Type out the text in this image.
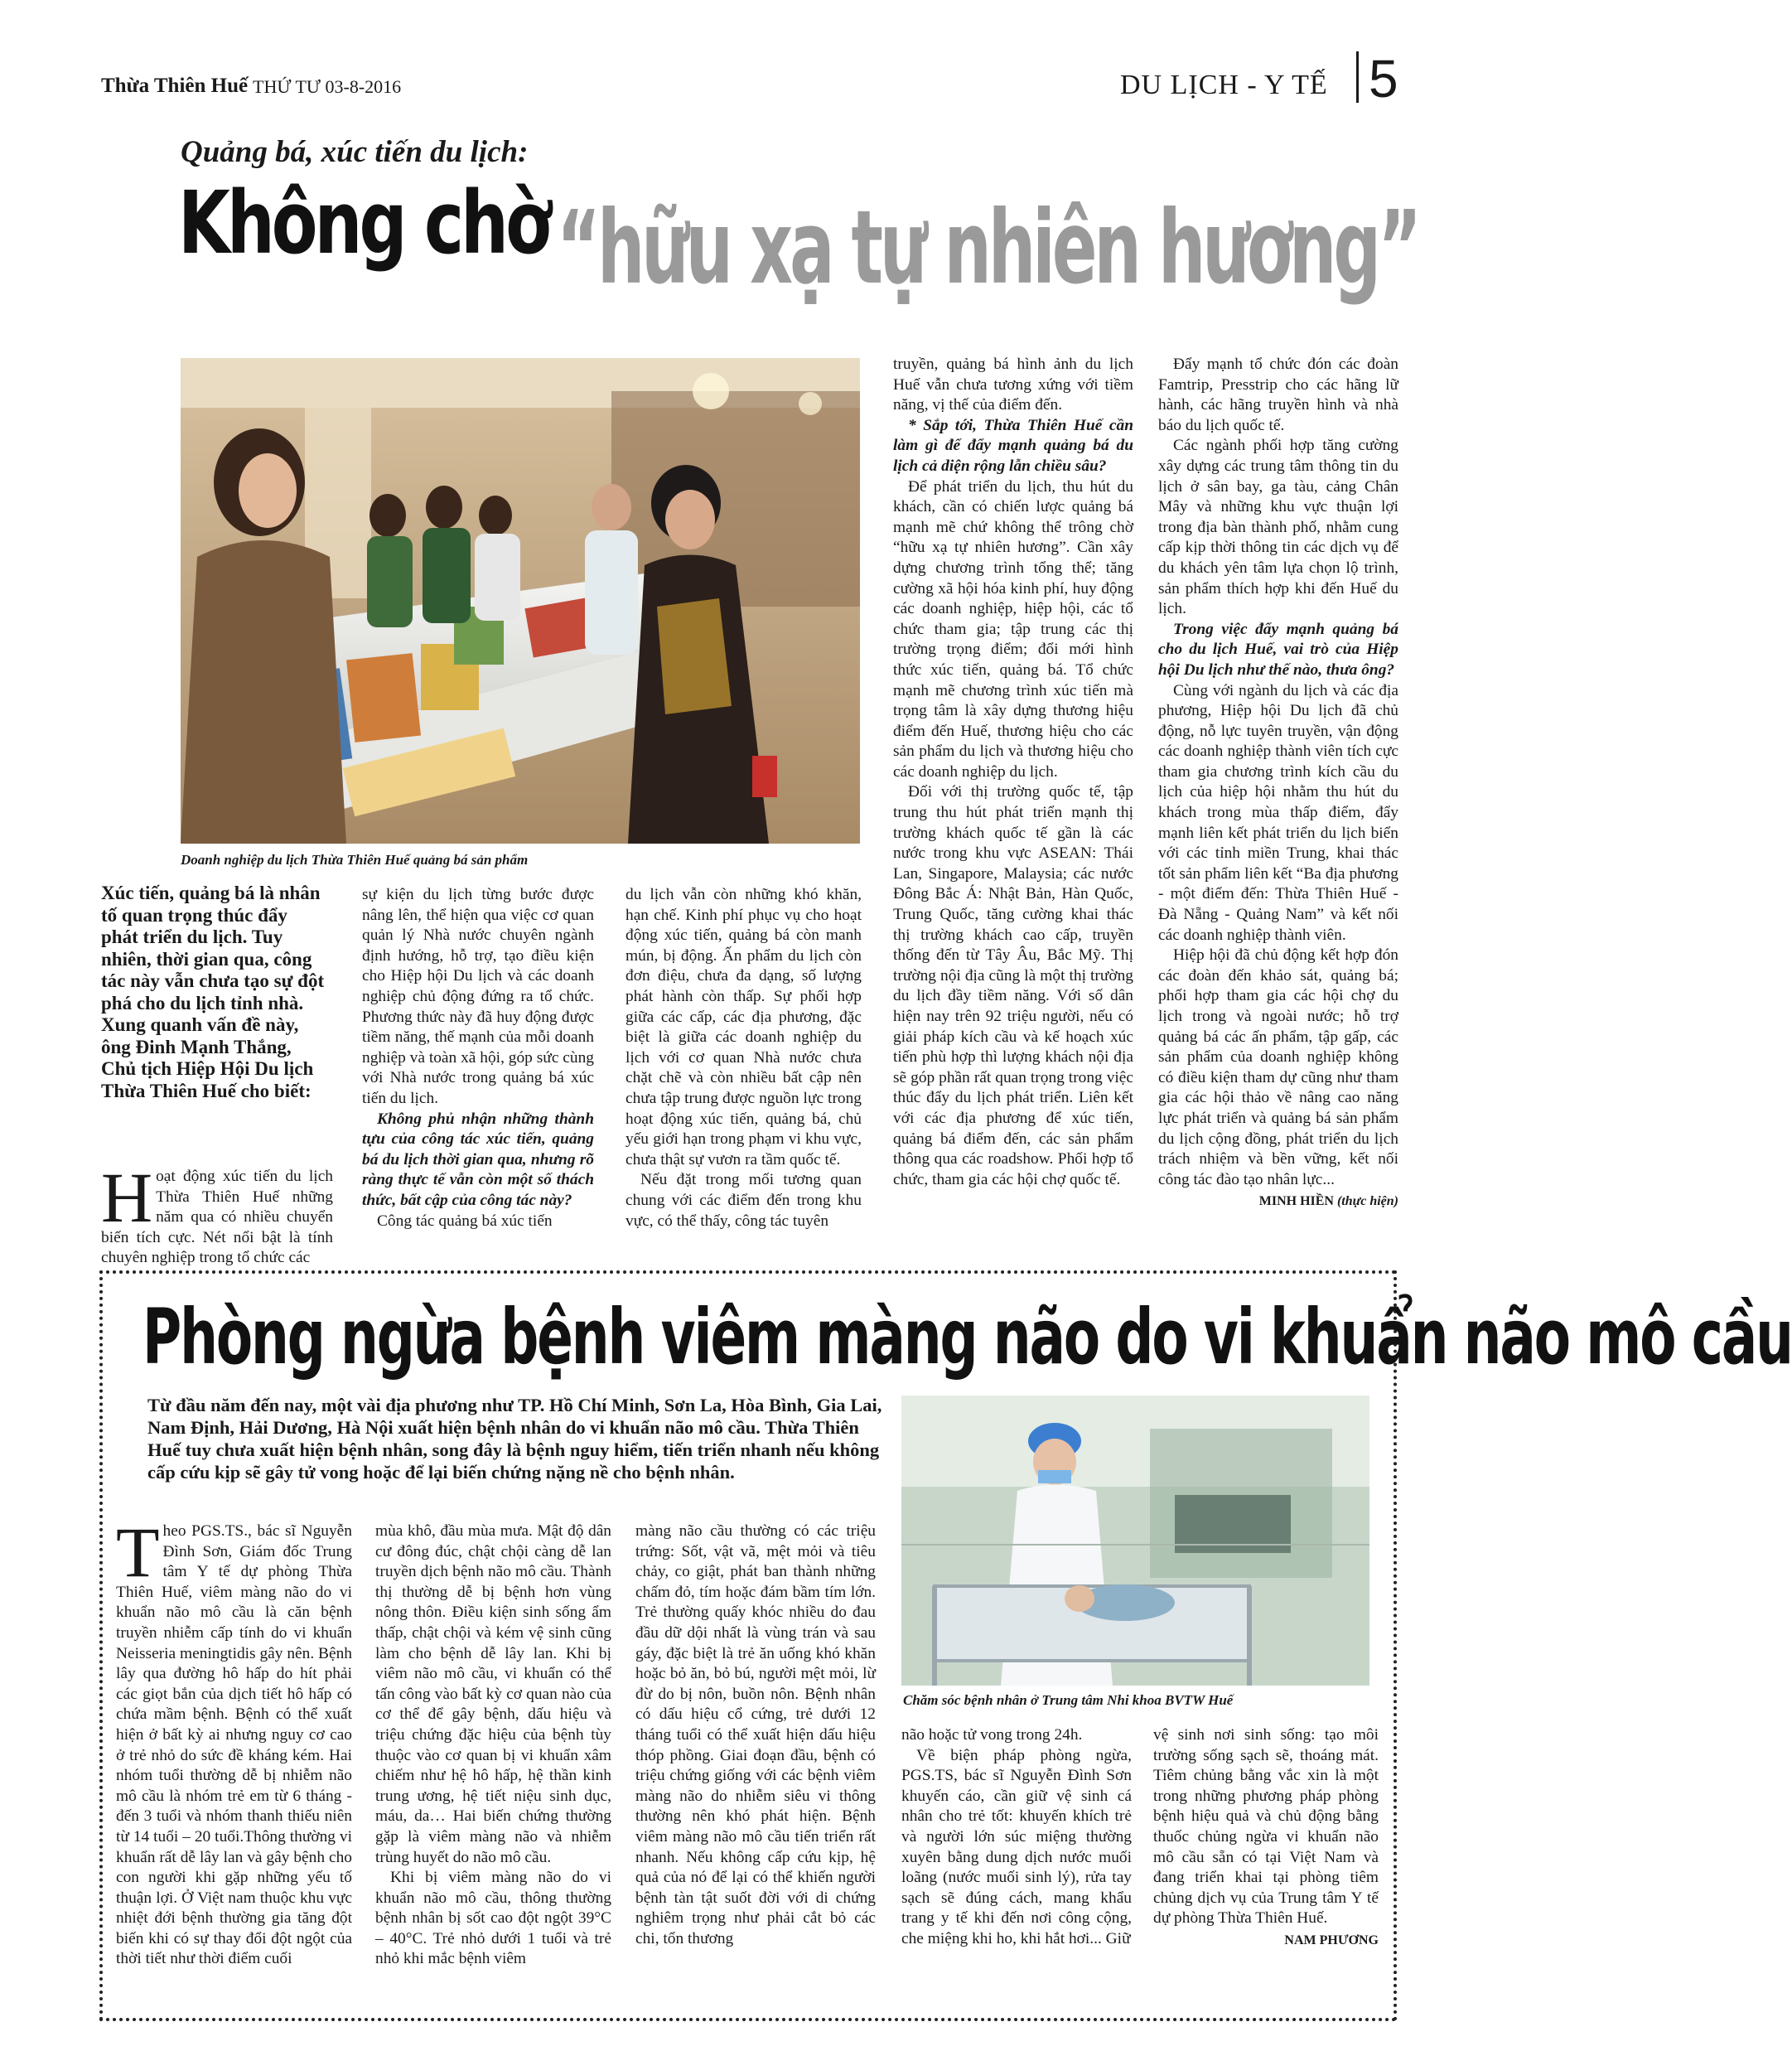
Thừa Thiên Huế THỨ TƯ 03-8-2016	DU LỊCH - Y TẾ 5
Quảng bá, xúc tiến du lịch:
Không chờ “hữu xạ tự nhiên hương”
Doanh nghiệp du lịch Thừa Thiên Huế quảng bá sản phẩm
Xúc tiến, quảng bá là nhân tố quan trọng thúc đẩy phát triển du lịch. Tuy nhiên, thời gian qua, công tác này vẫn chưa tạo sự đột phá cho du lịch tỉnh nhà. Xung quanh vấn đề này, ông Đinh Mạnh Thắng, Chủ tịch Hiệp Hội Du lịch Thừa Thiên Huế cho biết:

Hoạt động xúc tiến du lịch Thừa Thiên Huế những năm qua có nhiều chuyển biến tích cực. Nét nổi bật là tính chuyên nghiệp trong tổ chức các

sự kiện du lịch từng bước được nâng lên, thể hiện qua việc cơ quan quản lý Nhà nước chuyên ngành định hướng, hỗ trợ, tạo điều kiện cho Hiệp hội Du lịch và các doanh nghiệp chủ động đứng ra tổ chức. Phương thức này đã huy động được tiềm năng, thế mạnh của mỗi doanh nghiệp và toàn xã hội, góp sức cùng với Nhà nước trong quảng bá xúc tiến du lịch.

Không phủ nhận những thành tựu của công tác xúc tiến, quảng bá du lịch thời gian qua, nhưng rõ ràng thực tế vẫn còn một số thách thức, bất cập của công tác này?

Công tác quảng bá xúc tiến

du lịch vẫn còn những khó khăn, hạn chế. Kinh phí phục vụ cho hoạt động xúc tiến, quảng bá còn manh mún, bị động. Ấn phẩm du lịch còn đơn điệu, chưa đa dạng, số lượng phát hành còn thấp. Sự phối hợp giữa các cấp, các địa phương, đặc biệt là giữa các doanh nghiệp du lịch với cơ quan Nhà nước chưa chặt chẽ và còn nhiều bất cập nên chưa tập trung được nguồn lực trong hoạt động xúc tiến, quảng bá, chủ yếu giới hạn trong phạm vi khu vực, chưa thật sự vươn ra tầm quốc tế.

Nếu đặt trong mối tương quan chung với các điểm đến trong khu vực, có thể thấy, công tác tuyên

truyền, quảng bá hình ảnh du lịch Huế vẫn chưa tương xứng với tiềm năng, vị thế của điểm đến.

* Sắp tới, Thừa Thiên Huế cần làm gì để đẩy mạnh quảng bá du lịch cả diện rộng lẫn chiều sâu?

Để phát triển du lịch, thu hút du khách, cần có chiến lược quảng bá mạnh mẽ chứ không thể trông chờ “hữu xạ tự nhiên hương”. Cần xây dựng chương trình tổng thể; tăng cường xã hội hóa kinh phí, huy động các doanh nghiệp, hiệp hội, các tổ chức tham gia; tập trung các thị trường trọng điểm; đổi mới hình thức xúc tiến, quảng bá. Tổ chức mạnh mẽ chương trình xúc tiến mà trọng tâm là xây dựng thương hiệu điểm đến Huế, thương hiệu cho các sản phẩm du lịch và thương hiệu cho các doanh nghiệp du lịch.

Đối với thị trường quốc tế, tập trung thu hút phát triển mạnh thị trường khách quốc tế gần là các nước trong khu vực ASEAN: Thái Lan, Singapore, Malaysia; các nước Đông Bắc Á: Nhật Bản, Hàn Quốc, Trung Quốc, tăng cường khai thác thị trường khách cao cấp, truyền thống đến từ Tây Âu, Bắc Mỹ. Thị trường nội địa cũng là một thị trường du lịch đầy tiềm năng. Với số dân hiện nay trên 92 triệu người, nếu có giải pháp kích cầu và kế hoạch xúc tiến phù hợp thì lượng khách nội địa sẽ góp phần rất quan trọng trong việc thúc đẩy du lịch phát triển. Liên kết với các địa phương để xúc tiến, quảng bá điểm đến, các sản phẩm thông qua các roadshow. Phối hợp tổ chức, tham gia các hội chợ quốc tế.

Đẩy mạnh tổ chức đón các đoàn Famtrip, Presstrip cho các hãng lữ hành, các hãng truyền hình và nhà báo du lịch quốc tế.

Các ngành phối hợp tăng cường xây dựng các trung tâm thông tin du lịch ở sân bay, ga tàu, cảng Chân Mây và những khu vực thuận lợi trong địa bàn thành phố, nhằm cung cấp kịp thời thông tin các dịch vụ để du khách yên tâm lựa chọn lộ trình, sản phẩm thích hợp khi đến Huế du lịch.

Trong việc đẩy mạnh quảng bá cho du lịch Huế, vai trò của Hiệp hội Du lịch như thế nào, thưa ông?

Cùng với ngành du lịch và các địa phương, Hiệp hội Du lịch đã chủ động, nỗ lực tuyên truyền, vận động các doanh nghiệp thành viên tích cực tham gia chương trình kích cầu du lịch của hiệp hội nhằm thu hút du khách trong mùa thấp điểm, đẩy mạnh liên kết phát triển du lịch biển với các tỉnh miền Trung, khai thác tốt sản phẩm liên kết “Ba địa phương - một điểm đến: Thừa Thiên Huế - Đà Nẵng - Quảng Nam” và kết nối các doanh nghiệp thành viên.

Hiệp hội đã chủ động kết hợp đón các đoàn đến khảo sát, quảng bá; phối hợp tham gia các hội chợ du lịch trong và ngoài nước; hỗ trợ quảng bá các ấn phẩm, tập gấp, các sản phẩm của doanh nghiệp không có điều kiện tham dự cũng như tham gia các hội thảo về nâng cao năng lực phát triển và quảng bá sản phẩm du lịch cộng đồng, phát triển du lịch trách nhiệm và bền vững, kết nối công tác đào tạo nhân lực...

MINH HIỀN (thực hiện)
Phòng ngừa bệnh viêm màng não do vi khuẩn não mô cầu
Từ đầu năm đến nay, một vài địa phương như TP. Hồ Chí Minh, Sơn La, Hòa Bình, Gia Lai, Nam Định, Hải Dương, Hà Nội xuất hiện bệnh nhân do vi khuẩn não mô cầu. Thừa Thiên Huế tuy chưa xuất hiện bệnh nhân, song đây là bệnh nguy hiểm, tiến triển nhanh nếu không cấp cứu kịp sẽ gây tử vong hoặc để lại biến chứng nặng nề cho bệnh nhân.
Chăm sóc bệnh nhân ở Trung tâm Nhi khoa BVTW Huế

Theo PGS.TS., bác sĩ Nguyễn Đình Sơn, Giám đốc Trung tâm Y tế dự phòng Thừa Thiên Huế, viêm màng não do vi khuẩn não mô cầu là căn bệnh truyền nhiễm cấp tính do vi khuẩn Neisseria meningtidis gây nên. Bệnh lây qua đường hô hấp do hít phải các giọt bắn của dịch tiết hô hấp có chứa mầm bệnh. Bệnh có thể xuất hiện ở bất kỳ ai nhưng nguy cơ cao ở trẻ nhỏ do sức đề kháng kém. Hai nhóm tuổi thường dễ bị nhiễm não mô cầu là nhóm trẻ em từ 6 tháng - đến 3 tuổi và nhóm thanh thiếu niên từ 14 tuổi – 20 tuổi.Thông thường vi khuẩn rất dễ lây lan và gây bệnh cho con người khi gặp những yếu tố thuận lợi. Ở Việt nam thuộc khu vực nhiệt đới bệnh thường gia tăng đột biến khi có sự thay đổi đột ngột của thời tiết như thời điểm cuối

mùa khô, đầu mùa mưa. Mật độ dân cư đông đúc, chật chội càng dễ lan truyền dịch bệnh não mô cầu. Thành thị thường dễ bị bệnh hơn vùng nông thôn. Điều kiện sinh sống ẩm thấp, chật chội và kém vệ sinh cũng làm cho bệnh dễ lây lan. Khi bị viêm não mô cầu, vi khuẩn có thể tấn công vào bất kỳ cơ quan nào của cơ thể để gây bệnh, dấu hiệu và triệu chứng đặc hiệu của bệnh tùy thuộc vào cơ quan bị vi khuẩn xâm chiếm như hệ hô hấp, hệ thần kinh trung ương, hệ tiết niệu sinh dục, máu, da… Hai biến chứng thường gặp là viêm màng não và nhiễm trùng huyết do não mô cầu.

Khi bị viêm màng não do vi khuẩn não mô cầu, thông thường bệnh nhân bị sốt cao đột ngột 39°C – 40°C. Trẻ nhỏ dưới 1 tuổi và trẻ nhỏ khi mắc bệnh viêm

màng não cầu thường có các triệu trứng: Sốt, vật vã, mệt mỏi và tiêu chảy, co giật, phát ban thành những chấm đỏ, tím hoặc đám bầm tím lớn. Trẻ thường quấy khóc nhiều do đau đầu dữ dội nhất là vùng trán và sau gáy, đặc biệt là trẻ ăn uống khó khăn hoặc bỏ ăn, bỏ bú, người mệt mỏi, lừ đừ do bị nôn, buồn nôn. Bệnh nhân có dấu hiệu cổ cứng, trẻ dưới 12 tháng tuổi có thể xuất hiện dấu hiệu thóp phồng. Giai đoạn đầu, bệnh có triệu chứng giống với các bệnh viêm màng não do nhiễm siêu vi thông thường nên khó phát hiện. Bệnh viêm màng não mô cầu tiến triển rất nhanh. Nếu không cấp cứu kịp, hệ quả của nó để lại có thể khiến người bệnh tàn tật suốt đời với di chứng nghiêm trọng như phải cắt bỏ các chi, tổn thương

não hoặc tử vong trong 24h.

Về biện pháp phòng ngừa, PGS.TS, bác sĩ Nguyễn Đình Sơn khuyến cáo, cần giữ vệ sinh cá nhân cho trẻ tốt: khuyến khích trẻ và người lớn súc miệng thường xuyên bằng dung dịch nước muối loãng (nước muối sinh lý), rửa tay sạch sẽ đúng cách, mang khẩu trang y tế khi đến nơi công cộng, che miệng khi ho, khi hắt hơi... Giữ

vệ sinh nơi sinh sống: tạo môi trường sống sạch sẽ, thoáng mát. Tiêm chủng bằng vắc xin là một trong những phương pháp phòng bệnh hiệu quả và chủ động bằng thuốc chủng ngừa vi khuẩn não mô cầu sẵn có tại Việt Nam và đang triển khai tại phòng tiêm chủng dịch vụ của Trung tâm Y tế dự phòng Thừa Thiên Huế.

NAM PHƯƠNG
